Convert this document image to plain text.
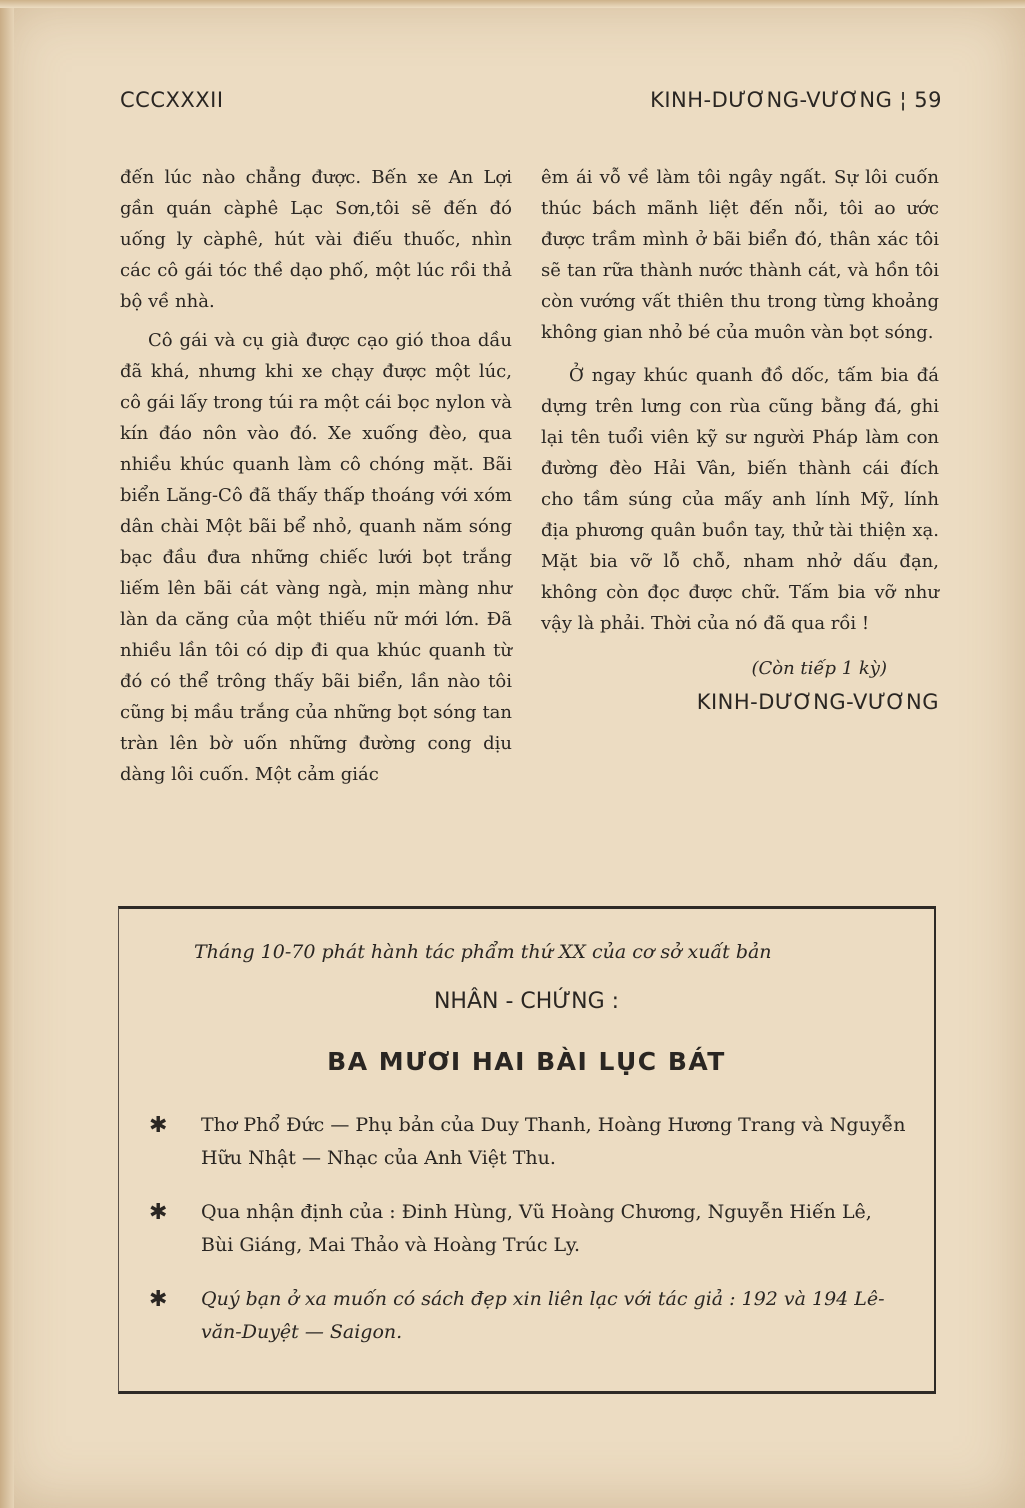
CCCXXXII	KINH-DƯƠNG-VƯƠNG ¦ 59

đến lúc nào chẳng được. Bến xe An Lợi gần quán càphê Lạc Sơn,tôi sẽ đến đó uống ly càphê, hút vài điếu thuốc, nhìn các cô gái tóc thề dạo phố, một lúc rồi thả bộ về nhà.

Cô gái và cụ già được cạo gió thoa dầu đã khá, nhưng khi xe chạy được một lúc, cô gái lấy trong túi ra một cái bọc nylon và kín đáo nôn vào đó. Xe xuống đèo, qua nhiều khúc quanh làm cô chóng mặt. Bãi biển Lăng-Cô đã thấy thấp thoáng với xóm dân chài Một bãi bể nhỏ, quanh năm sóng bạc đầu đưa những chiếc lưới bọt trắng liếm lên bãi cát vàng ngà, mịn màng như làn da căng của một thiếu nữ mới lớn. Đã nhiều lần tôi có dịp đi qua khúc quanh từ đó có thể trông thấy bãi biển, lần nào tôi cũng bị mầu trắng của những bọt sóng tan tràn lên bờ uốn những đường cong dịu dàng lôi cuốn. Một cảm giác

êm ái vỗ về làm tôi ngây ngất. Sự lôi cuốn thúc bách mãnh liệt đến nỗi, tôi ao ước được trầm mình ở bãi biển đó, thân xác tôi sẽ tan rữa thành nước thành cát, và hồn tôi còn vướng vất thiên thu trong từng khoảng không gian nhỏ bé của muôn vàn bọt sóng.

Ở ngay khúc quanh đồ dốc, tấm bia đá dựng trên lưng con rùa cũng bằng đá, ghi lại tên tuổi viên kỹ sư người Pháp làm con đường đèo Hải Vân, biến thành cái đích cho tầm súng của mấy anh lính Mỹ, lính địa phương quân buồn tay, thử tài thiện xạ. Mặt bia vỡ lỗ chỗ, nham nhở dấu đạn, không còn đọc được chữ. Tấm bia vỡ như vậy là phải. Thời của nó đã qua rồi !

(Còn tiếp 1 kỳ)

KINH-DƯƠNG-VƯƠNG

Tháng 10-70 phát hành tác phẩm thứ XX của cơ sở xuất bản
NHÂN - CHỨNG :
BA MƯƠI HAI BÀI LỤC BÁT
✱ Thơ Phổ Đức — Phụ bản của Duy Thanh, Hoàng Hương Trang và Nguyễn Hữu Nhật — Nhạc của Anh Việt Thu.
✱ Qua nhận định của : Đinh Hùng, Vũ Hoàng Chương, Nguyễn Hiến Lê, Bùi Giáng, Mai Thảo và Hoàng Trúc Ly.
✱ Quý bạn ở xa muốn có sách đẹp xin liên lạc với tác giả : 192 và 194 Lê-văn-Duyệt — Saigon.
